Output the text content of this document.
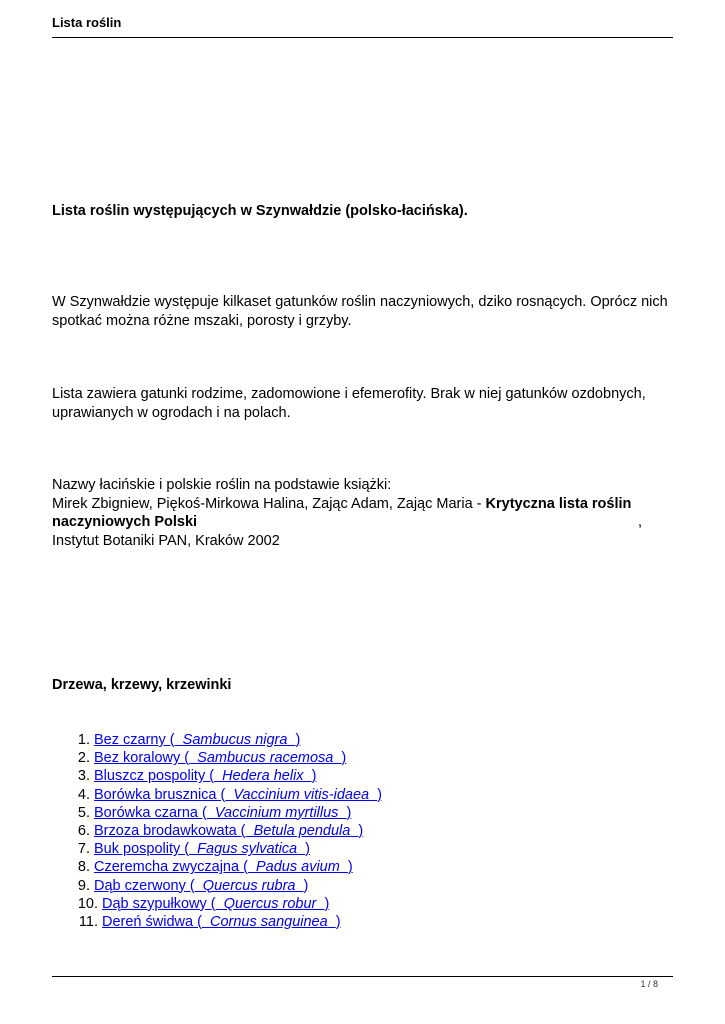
Lista roślin
Lista roślin występujących w Szynwałdzie (polsko-łacińska).
W Szynwałdzie występuje kilkaset gatunków roślin naczyniowych, dziko rosnących. Oprócz nich
spotkać można różne mszaki, porosty i grzyby.
Lista zawiera gatunki rodzime, zadomowione i efemerofity. Brak w niej gatunków ozdobnych,
uprawianych w ogrodach i na polach.
Nazwy łacińskie i polskie roślin na podstawie książki:
Mirek Zbigniew, Piękoś-Mirkowa Halina, Zając Adam, Zając Maria - Krytyczna lista roślin
naczyniowych Polski	,
Instytut Botaniki PAN, Kraków 2002
Drzewa, krzewy, krzewinki
1. Bez czarny ( Sambucus nigra )
2. Bez koralowy ( Sambucus racemosa )
3. Bluszcz pospolity ( Hedera helix )
4. Borówka brusznica ( Vaccinium vitis-idaea )
5. Borówka czarna ( Vaccinium myrtillus )
6. Brzoza brodawkowata ( Betula pendula )
7. Buk pospolity ( Fagus sylvatica )
8. Czeremcha zwyczajna ( Padus avium )
9. Dąb czerwony ( Quercus rubra )
10. Dąb szypułkowy ( Quercus robur )
11. Dereń świdwa ( Cornus sanguinea )
1 / 8
